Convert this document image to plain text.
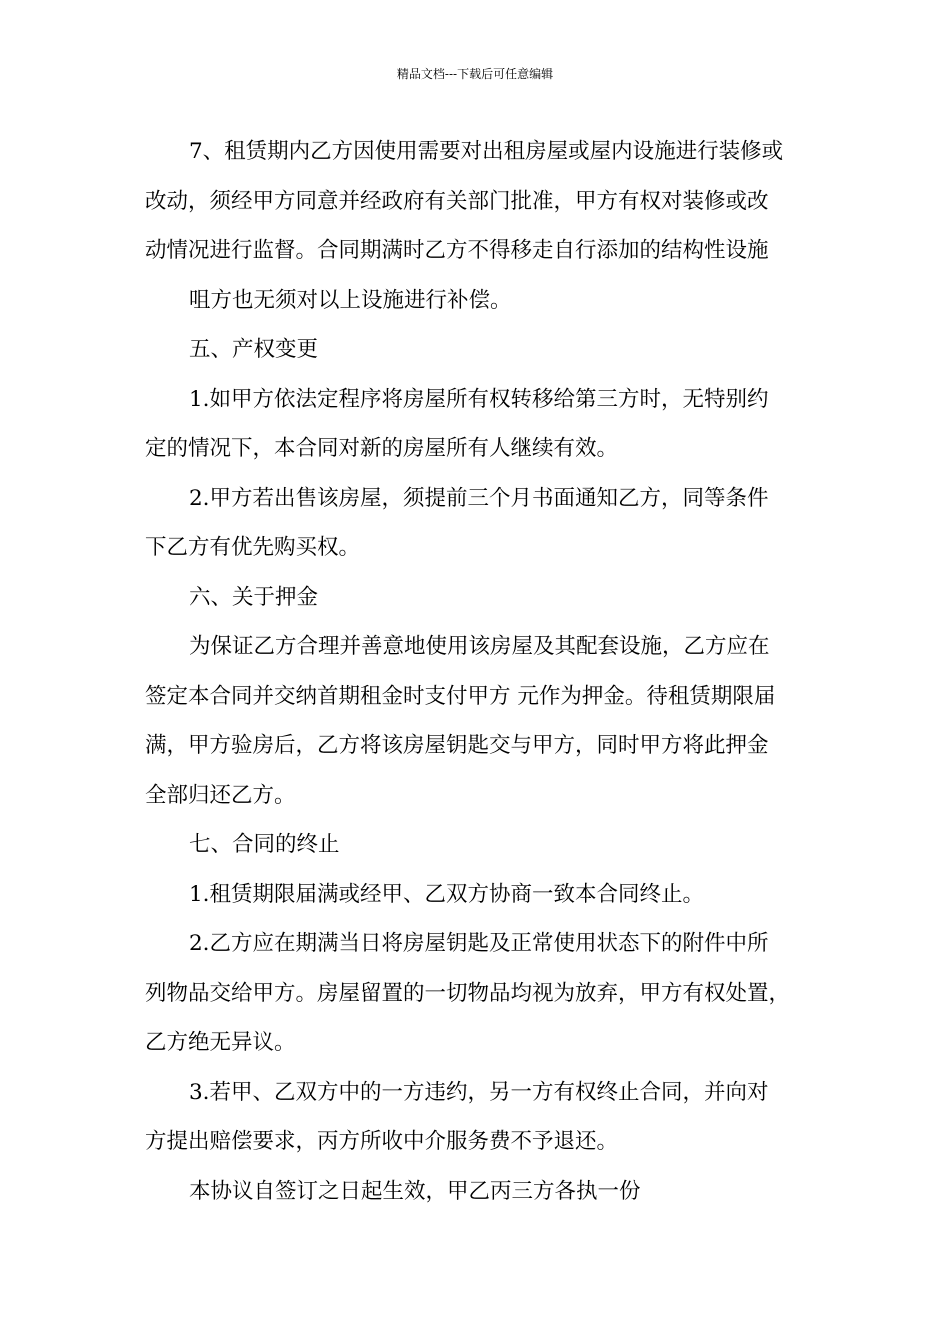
精品文档---下载后可任意编辑

7、租赁期内乙方因使用需要对出租房屋或屋内设施进行装修或

改动，须经甲方同意并经政府有关部门批准，甲方有权对装修或改

动情况进行监督。合同期满时乙方不得移走自行添加的结构性设施

咀方也无须对以上设施进行补偿。

五、产权变更

1.如甲方依法定程序将房屋所有权转移给第三方时，无特别约

定的情况下，本合同对新的房屋所有人继续有效。

2.甲方若出售该房屋，须提前三个月书面通知乙方，同等条件

下乙方有优先购买权。

六、关于押金

为保证乙方合理并善意地使用该房屋及其配套设施，乙方应在

签定本合同并交纳首期租金时支付甲方 元作为押金。待租赁期限届

满，甲方验房后，乙方将该房屋钥匙交与甲方，同时甲方将此押金

全部归还乙方。

七、合同的终止

1.租赁期限届满或经甲、乙双方协商一致本合同终止。

2.乙方应在期满当日将房屋钥匙及正常使用状态下的附件中所

列物品交给甲方。房屋留置的一切物品均视为放弃，甲方有权处置，

乙方绝无异议。

3.若甲、乙双方中的一方违约，另一方有权终止合同，并向对

方提出赔偿要求，丙方所收中介服务费不予退还。

本协议自签订之日起生效，甲乙丙三方各执一份
